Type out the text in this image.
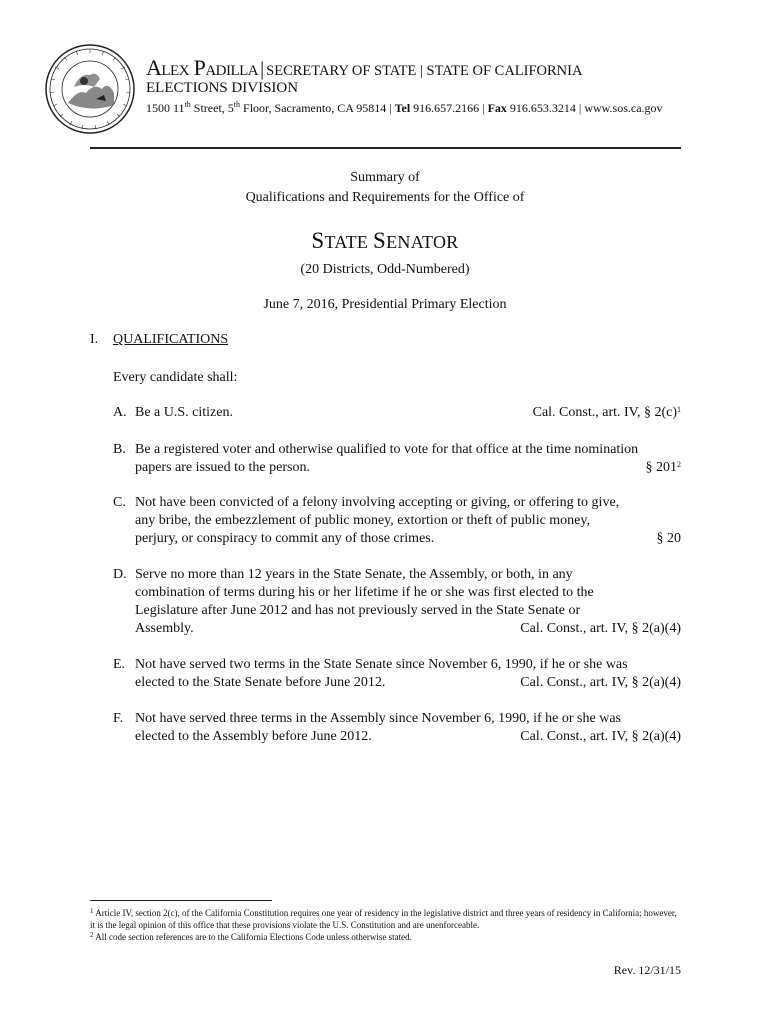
ALEX PADILLA | SECRETARY OF STATE | STATE OF CALIFORNIA
ELECTIONS DIVISION
1500 11th Street, 5th Floor, Sacramento, CA 95814 | Tel 916.657.2166 | Fax 916.653.3214 | www.sos.ca.gov
Summary of
Qualifications and Requirements for the Office of
STATE SENATOR
(20 Districts, Odd-Numbered)
June 7, 2016, Presidential Primary Election
I. QUALIFICATIONS
Every candidate shall:
A. Be a U.S. citizen.	Cal. Const., art. IV, § $2(c)^1$
B. Be a registered voter and otherwise qualified to vote for that office at the time nomination
papers are issued to the person.	§ $201^2$
C. Not have been convicted of a felony involving accepting or giving, or offering to give,
any bribe, the embezzlement of public money, extortion or theft of public money,
perjury, or conspiracy to commit any of those crimes.	§ 20
D. Serve no more than 12 years in the State Senate, the Assembly, or both, in any
combination of terms during his or her lifetime if he or she was first elected to the
Legislature after June 2012 and has not previously served in the State Senate or
Assembly.	Cal. Const., art. IV, § 2(a)(4)
E. Not have served two terms in the State Senate since November 6, 1990, if he or she was
elected to the State Senate before June 2012.	Cal. Const., art. IV, § 2(a)(4)
F. Not have served three terms in the Assembly since November 6, 1990, if he or she was
elected to the Assembly before June 2012.	Cal. Const., art. IV, § 2(a)(4)
$^1$ Article IV, section 2(c), of the California Constitution requires one year of residency in the legislative district and three years of residency in California; however, it is the legal opinion of this office that these provisions violate the U.S. Constitution and are unenforceable.
$^2$ All code section references are to the California Elections Code unless otherwise stated.
Rev. 12/31/15
